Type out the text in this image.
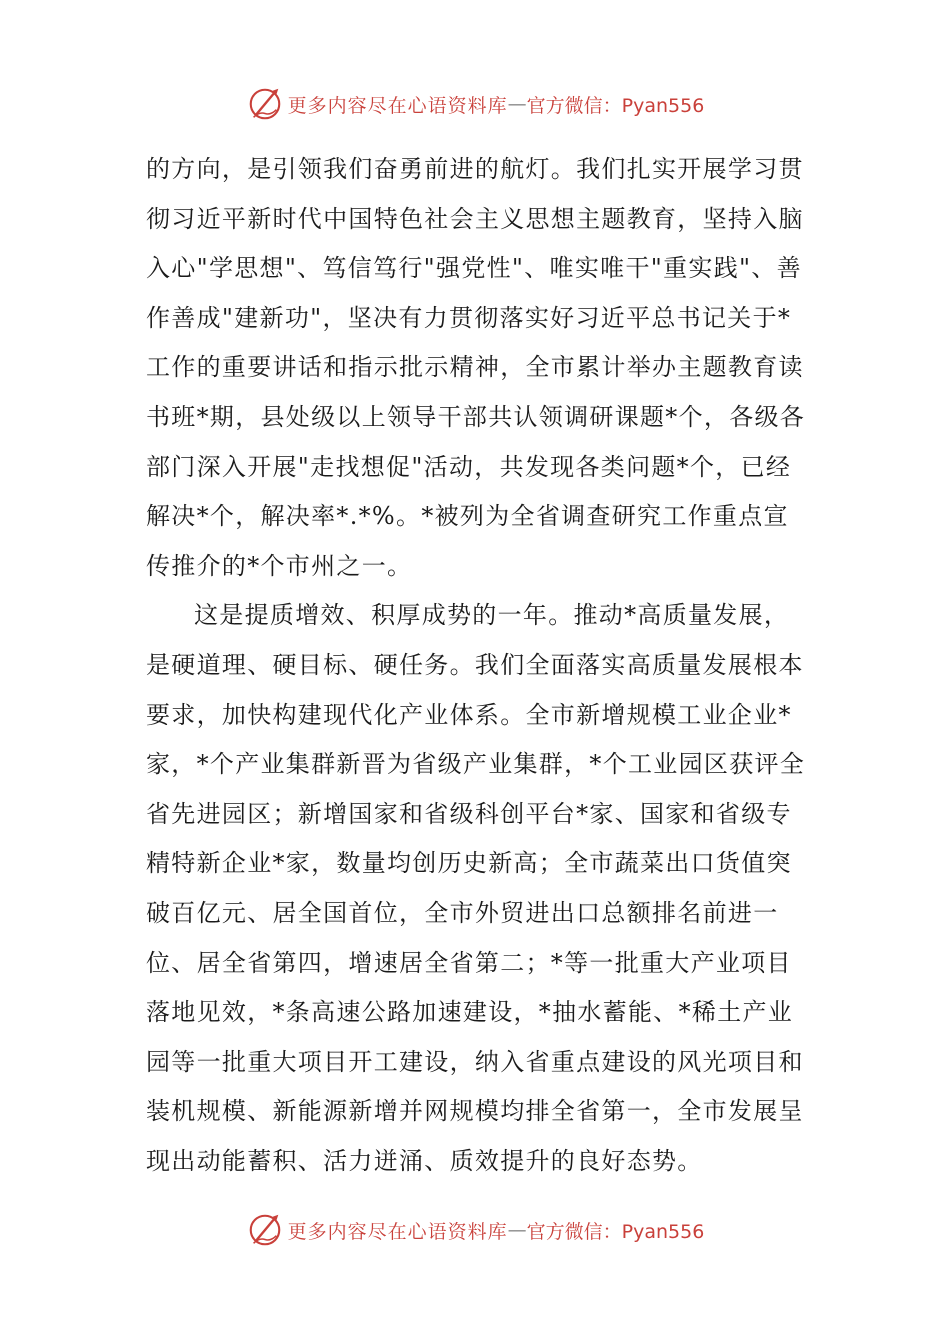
更多内容尽在心语资料库 — 官方微信：Pyan556

的方向，是引领我们奋勇前进的航灯。我们扎实开展学习贯彻习近平新时代中国特色社会主义思想主题教育，坚持入脑入心"学思想"、笃信笃行"强党性"、唯实唯干"重实践"、善作善成"建新功"，坚决有力贯彻落实好习近平总书记关于*工作的重要讲话和指示批示精神，全市累计举办主题教育读书班*期，县处级以上领导干部共认领调研课题*个，各级各部门深入开展"走找想促"活动，共发现各类问题*个，已经解决*个，解决率*.*%。*被列为全省调查研究工作重点宣传推介的*个市州之一。

这是提质增效、积厚成势的一年。推动*高质量发展，是硬道理、硬目标、硬任务。我们全面落实高质量发展根本要求，加快构建现代化产业体系。全市新增规模工业企业*家，*个产业集群新晋为省级产业集群，*个工业园区获评全省先进园区；新增国家和省级科创平台*家、国家和省级专精特新企业*家，数量均创历史新高；全市蔬菜出口货值突破百亿元、居全国首位，全市外贸进出口总额排名前进一位、居全省第四，增速居全省第二；*等一批重大产业项目落地见效，*条高速公路加速建设，*抽水蓄能、*稀土产业园等一批重大项目开工建设，纳入省重点建设的风光项目和装机规模、新能源新增并网规模均排全省第一，全市发展呈现出动能蓄积、活力迸涌、质效提升的良好态势。

更多内容尽在心语资料库 — 官方微信：Pyan556
